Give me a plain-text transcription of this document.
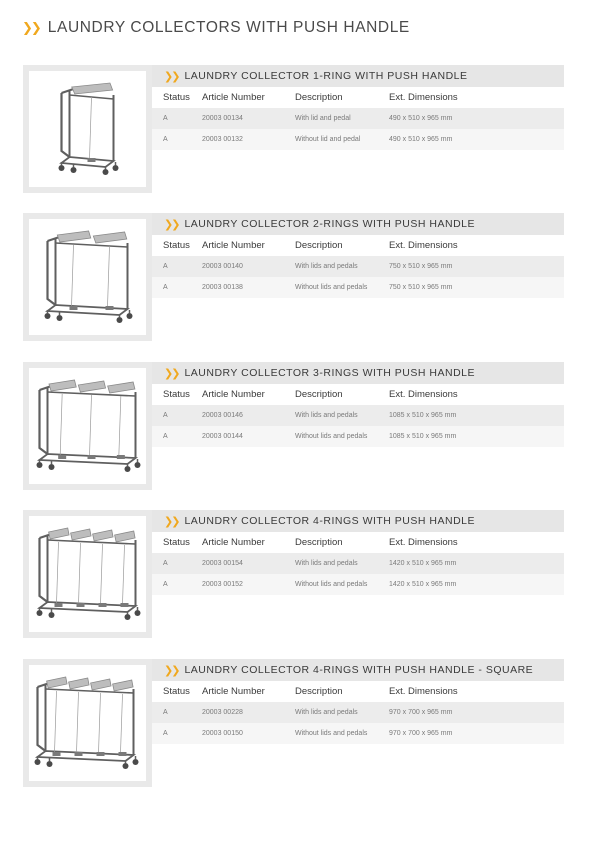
❯❯ LAUNDRY COLLECTORS WITH PUSH HANDLE
❯❯ LAUNDRY COLLECTOR 1-RING WITH PUSH HANDLE
Status	Article Number	Description	Ext. Dimensions
A	20003 00134	With lid and pedal	490 x 510 x 965 mm
A	20003 00132	Without lid and pedal	490 x 510 x 965 mm
❯❯ LAUNDRY COLLECTOR 2-RINGS WITH PUSH HANDLE
Status	Article Number	Description	Ext. Dimensions
A	20003 00140	With lids and pedals	750 x 510 x 965 mm
A	20003 00138	Without lids and pedals	750 x 510 x 965 mm
❯❯ LAUNDRY COLLECTOR 3-RINGS WITH PUSH HANDLE
Status	Article Number	Description	Ext. Dimensions
A	20003 00146	With lids and pedals	1085 x 510 x 965 mm
A	20003 00144	Without lids and pedals	1085 x 510 x 965 mm
❯❯ LAUNDRY COLLECTOR 4-RINGS WITH PUSH HANDLE
Status	Article Number	Description	Ext. Dimensions
A	20003 00154	With lids and pedals	1420 x 510 x 965 mm
A	20003 00152	Without lids and pedals	1420 x 510 x 965 mm
❯❯ LAUNDRY COLLECTOR 4-RINGS WITH PUSH HANDLE - SQUARE
Status	Article Number	Description	Ext. Dimensions
A	20003 00228	With lids and pedals	970 x 700 x 965 mm
A	20003 00150	Without lids and pedals	970 x 700 x 965 mm
